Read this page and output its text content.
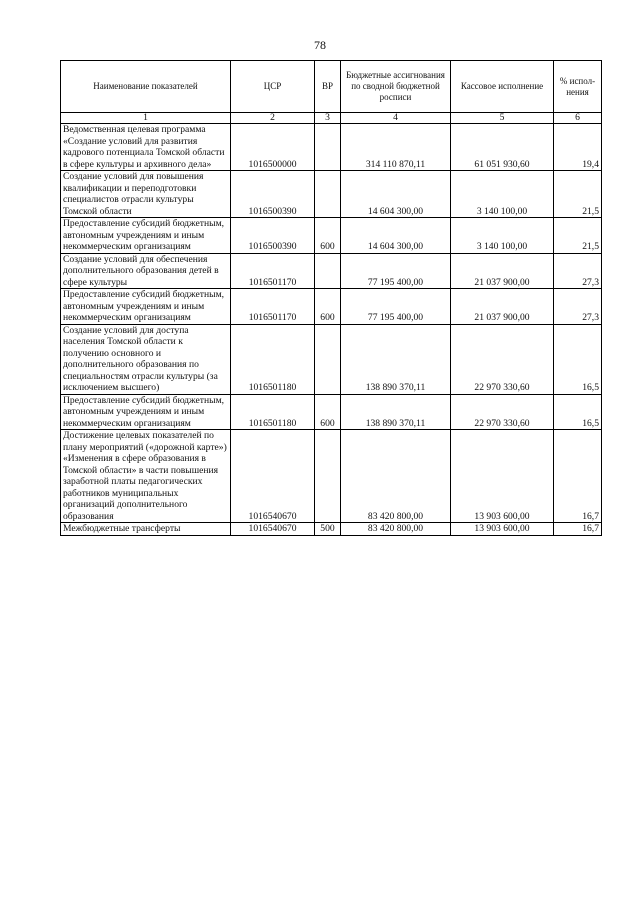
78
Наименование показателей	ЦСР	ВР	Бюджетные ассигнования по сводной бюджетной росписи	Кассовое исполнение	% испол-нения
1	2	3	4	5	6
Ведомственная целевая программа «Создание условий для развития кадрового потенциала Томской области в сфере культуры и архивного дела»	1016500000		314 110 870,11	61 051 930,60	19,4
Создание условий для повышения квалификации и переподготовки специалистов отрасли культуры Томской области	1016500390		14 604 300,00	3 140 100,00	21,5
Предоставление субсидий бюджетным, автономным учреждениям и иным некоммерческим организациям	1016500390	600	14 604 300,00	3 140 100,00	21,5
Создание условий для обеспечения дополнительного образования детей в сфере культуры	1016501170		77 195 400,00	21 037 900,00	27,3
Предоставление субсидий бюджетным, автономным учреждениям и иным некоммерческим организациям	1016501170	600	77 195 400,00	21 037 900,00	27,3
Создание условий для доступа населения Томской области к получению основного и дополнительного образования по специальностям отрасли культуры (за исключением высшего)	1016501180		138 890 370,11	22 970 330,60	16,5
Предоставление субсидий бюджетным, автономным учреждениям и иным некоммерческим организациям	1016501180	600	138 890 370,11	22 970 330,60	16,5
Достижение целевых показателей по плану мероприятий («дорожной карте») «Изменения в сфере образования в Томской области» в части повышения заработной платы педагогических работников муниципальных организаций дополнительного образования	1016540670		83 420 800,00	13 903 600,00	16,7
Межбюджетные трансферты	1016540670	500	83 420 800,00	13 903 600,00	16,7
